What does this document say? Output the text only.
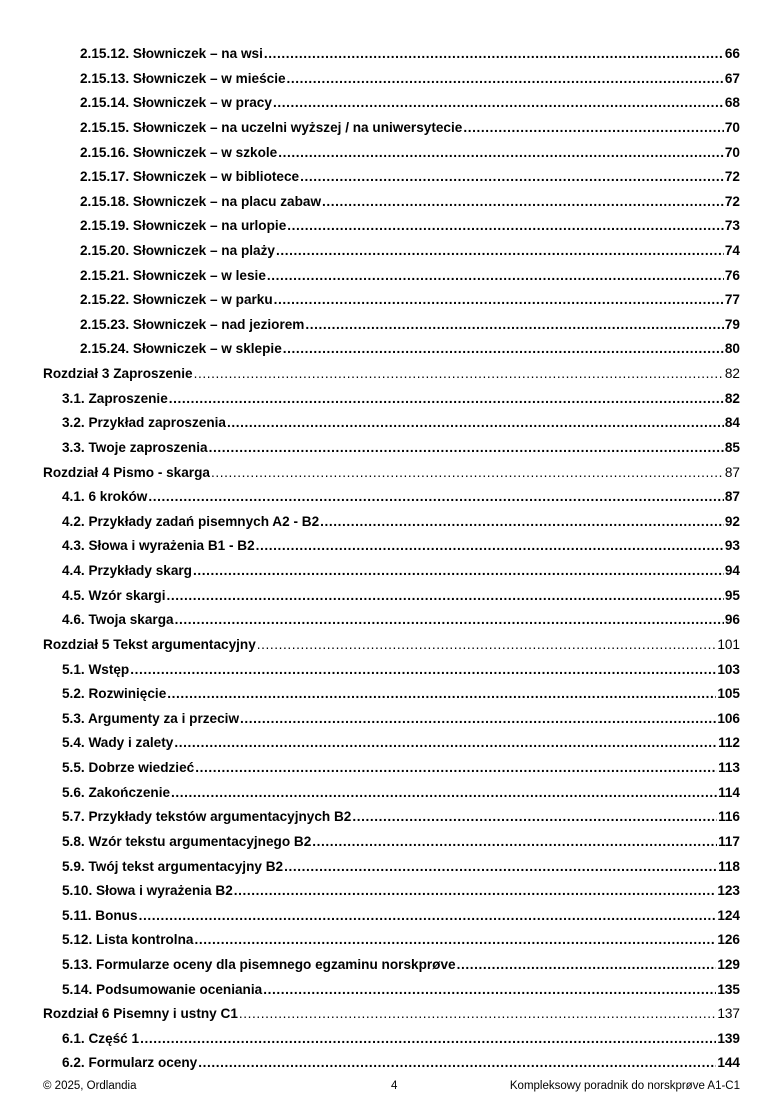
2.15.12. Słowniczek – na wsi .....	66
2.15.13. Słowniczek – w mieście .....	67
2.15.14. Słowniczek – w pracy .....	68
2.15.15. Słowniczek – na uczelni wyższej / na uniwersytecie .....	70
2.15.16. Słowniczek – w szkole .....	70
2.15.17. Słowniczek – w bibliotece .....	72
2.15.18. Słowniczek – na placu zabaw .....	72
2.15.19. Słowniczek – na urlopie .....	73
2.15.20. Słowniczek – na plaży .....	74
2.15.21. Słowniczek – w lesie .....	76
2.15.22. Słowniczek – w parku .....	77
2.15.23. Słowniczek – nad jeziorem .....	79
2.15.24. Słowniczek – w sklepie .....	80
Rozdział 3 Zaproszenie .....	82
3.1. Zaproszenie .....	82
3.2. Przykład zaproszenia .....	84
3.3. Twoje zaproszenia .....	85
Rozdział 4 Pismo - skarga .....	87
4.1. 6 kroków .....	87
4.2. Przykłady zadań pisemnych A2 - B2 .....	92
4.3. Słowa i wyrażenia B1 - B2 .....	93
4.4. Przykłady skarg .....	94
4.5. Wzór skargi .....	95
4.6. Twoja skarga .....	96
Rozdział 5 Tekst argumentacyjny .....	101
5.1. Wstęp .....	103
5.2. Rozwinięcie .....	105
5.3. Argumenty za i przeciw .....	106
5.4. Wady i zalety .....	112
5.5. Dobrze wiedzieć .....	113
5.6. Zakończenie .....	114
5.7. Przykłady tekstów argumentacyjnych B2 .....	116
5.8. Wzór tekstu argumentacyjnego B2 .....	117
5.9. Twój tekst argumentacyjny B2 .....	118
5.10. Słowa i wyrażenia B2 .....	123
5.11. Bonus .....	124
5.12. Lista kontrolna .....	126
5.13. Formularze oceny dla pisemnego egzaminu norskprøve .....	129
5.14. Podsumowanie oceniania .....	135
Rozdział 6 Pisemny i ustny C1 .....	137
6.1. Część 1 .....	139
6.2. Formularz oceny .....	144
© 2025, Ordlandia	4	Kompleksowy poradnik do norskprøve A1-C1
